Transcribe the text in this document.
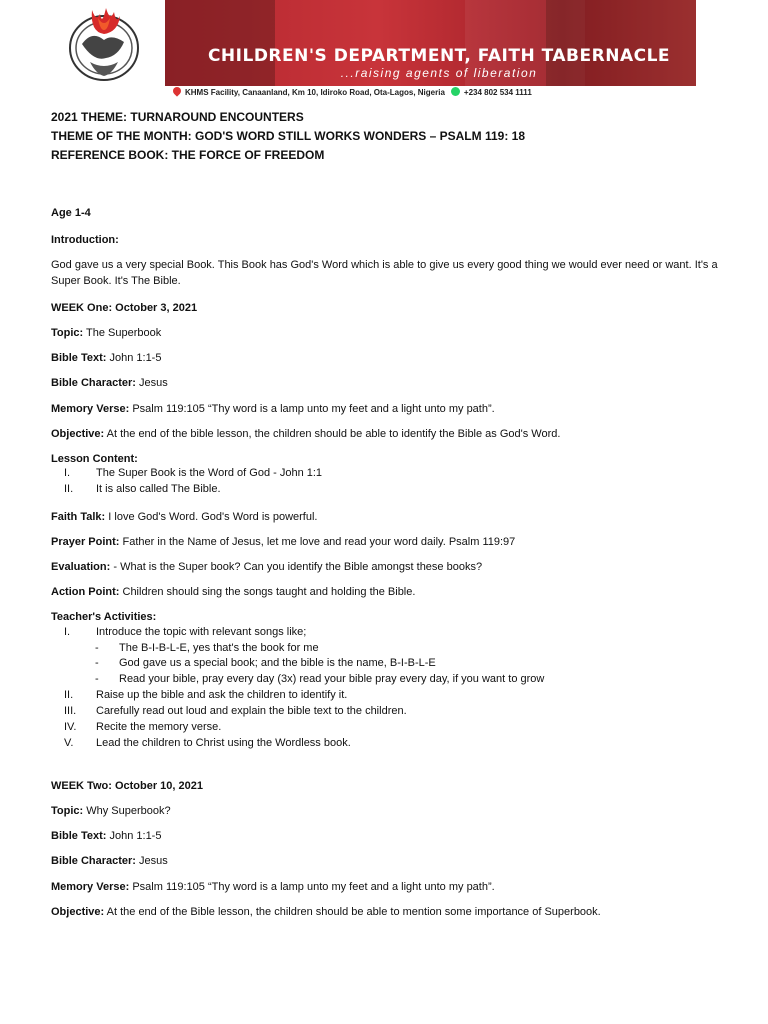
CHILDREN'S DEPARTMENT, FAITH TABERNACLE
...raising agents of liberation
KHMS Facility, Canaanland, Km 10, Idiroko Road, Ota-Lagos, Nigeria +234 802 534 1111
2021 THEME: TURNAROUND ENCOUNTERS
THEME OF THE MONTH: GOD'S WORD STILL WORKS WONDERS – PSALM 119: 18
REFERENCE BOOK: THE FORCE OF FREEDOM
Age 1-4
Introduction:
God gave us a very special Book. This Book has God's Word which is able to give us every good thing we would ever need or want. It's a Super Book. It's The Bible.
WEEK One: October 3, 2021
Topic: The Superbook
Bible Text: John 1:1-5
Bible Character: Jesus
Memory Verse: Psalm 119:105 “Thy word is a lamp unto my feet and a light unto my path”.
Objective: At the end of the bible lesson, the children should be able to identify the Bible as God's Word.
Lesson Content:
I. The Super Book is the Word of God - John 1:1
II. It is also called The Bible.
Faith Talk: I love God's Word. God's Word is powerful.
Prayer Point: Father in the Name of Jesus, let me love and read your word daily. Psalm 119:97
Evaluation: - What is the Super book? Can you identify the Bible amongst these books?
Action Point: Children should sing the songs taught and holding the Bible.
Teacher's Activities:
I. Introduce the topic with relevant songs like;
- The B-I-B-L-E, yes that's the book for me
- God gave us a special book; and the bible is the name, B-I-B-L-E
- Read your bible, pray every day (3x) read your bible pray every day, if you want to grow
II. Raise up the bible and ask the children to identify it.
III. Carefully read out loud and explain the bible text to the children.
IV. Recite the memory verse.
V. Lead the children to Christ using the Wordless book.
WEEK Two: October 10, 2021
Topic: Why Superbook?
Bible Text: John 1:1-5
Bible Character: Jesus
Memory Verse: Psalm 119:105 “Thy word is a lamp unto my feet and a light unto my path”.
Objective: At the end of the Bible lesson, the children should be able to mention some importance of Superbook.
